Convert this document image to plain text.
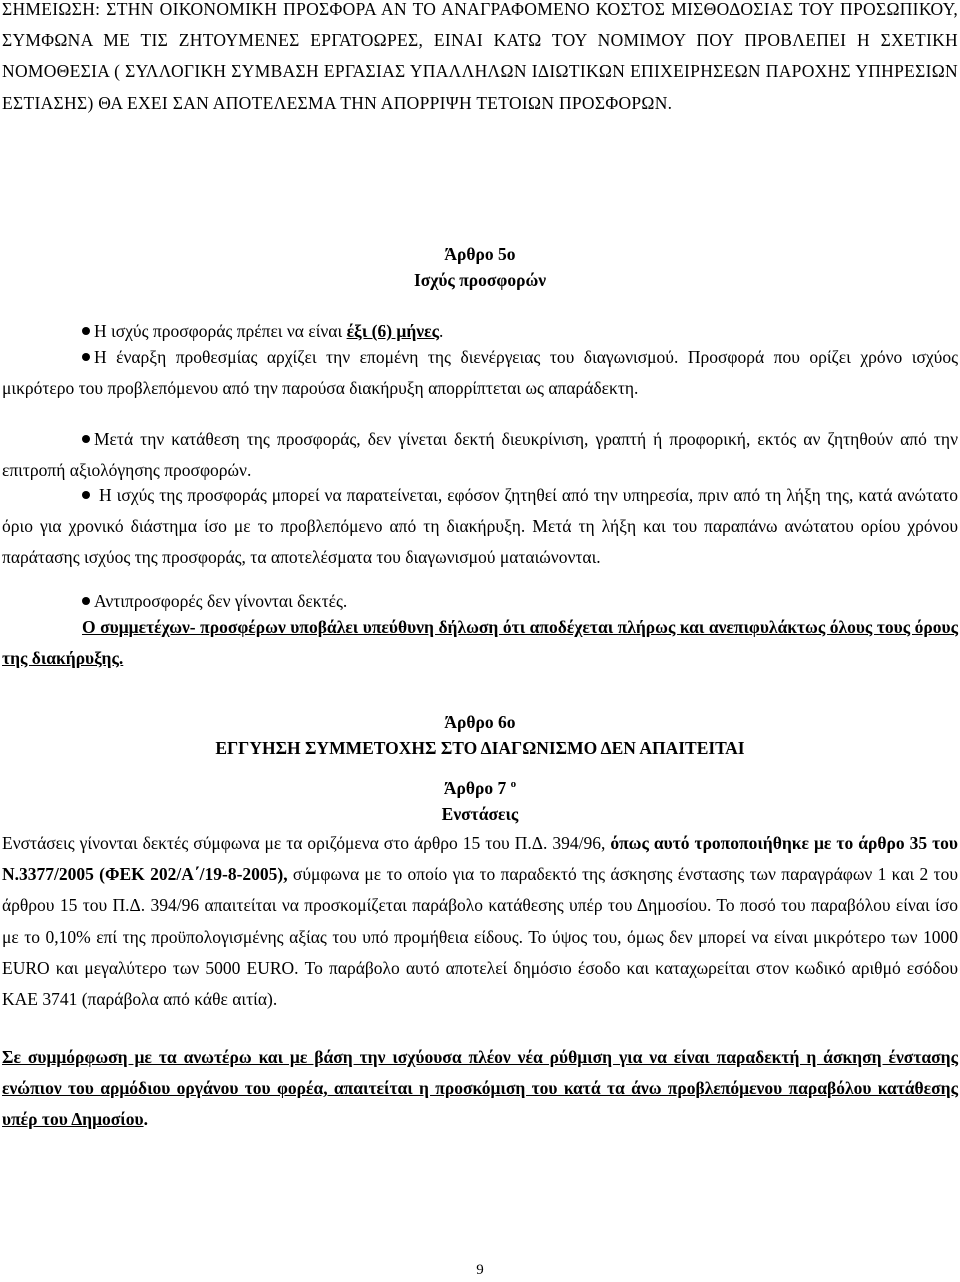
ΣΗΜΕΙΩΣΗ: ΣΤΗΝ ΟΙΚΟΝΟΜΙΚΗ ΠΡΟΣΦΟΡΑ ΑΝ ΤΟ ΑΝΑΓΡΑΦΟΜΕΝΟ ΚΟΣΤΟΣ ΜΙΣΘΟΔΟΣΙΑΣ ΤΟΥ ΠΡΟΣΩΠΙΚΟΥ, ΣΥΜΦΩΝΑ ΜΕ ΤΙΣ ΖΗΤΟΥΜΕΝΕΣ ΕΡΓΑΤΟΩΡΕΣ, ΕΙΝΑΙ ΚΑΤΩ ΤΟΥ ΝΟΜΙΜΟΥ ΠΟΥ ΠΡΟΒΛΕΠΕΙ Η ΣΧΕΤΙΚΗ ΝΟΜΟΘΕΣΙΑ ( ΣΥΛΛΟΓΙΚΗ ΣΥΜΒΑΣΗ ΕΡΓΑΣΙΑΣ ΥΠΑΛΛΗΛΩΝ ΙΔΙΩΤΙΚΩΝ ΕΠΙΧΕΙΡΗΣΕΩΝ ΠΑΡΟΧΗΣ ΥΠΗΡΕΣΙΩΝ ΕΣΤΙΑΣΗΣ) ΘΑ ΕΧΕΙ ΣΑΝ ΑΠΟΤΕΛΕΣΜΑ ΤΗΝ ΑΠΟΡΡΙΨΗ ΤΕΤΟΙΩΝ ΠΡΟΣΦΟΡΩΝ.
Άρθρο 5ο
Ισχύς προσφορών
Η ισχύς προσφοράς πρέπει να είναι έξι (6) μήνες.
Η έναρξη προθεσμίας αρχίζει την επομένη της διενέργειας του διαγωνισμού. Προσφορά που ορίζει χρόνο ισχύος μικρότερο του προβλεπόμενου από την παρούσα διακήρυξη απορρίπτεται ως απαράδεκτη.
Μετά την κατάθεση της προσφοράς, δεν γίνεται δεκτή διευκρίνιση, γραπτή ή προφορική, εκτός αν ζητηθούν από την επιτροπή αξιολόγησης προσφορών.
Η ισχύς της προσφοράς μπορεί να παρατείνεται, εφόσον ζητηθεί από την υπηρεσία, πριν από τη λήξη της, κατά ανώτατο όριο για χρονικό διάστημα ίσο με το προβλεπόμενο από τη διακήρυξη. Μετά τη λήξη και του παραπάνω ανώτατου ορίου χρόνου παράτασης ισχύος της προσφοράς, τα αποτελέσματα του διαγωνισμού ματαιώνονται.
Αντιπροσφορές δεν γίνονται δεκτές.
Ο συμμετέχων- προσφέρων υποβάλει υπεύθυνη δήλωση ότι αποδέχεται πλήρως και ανεπιφυλάκτως όλους τους όρους της διακήρυξης.
Άρθρο 6ο
ΕΓΓΥΗΣΗ ΣΥΜΜΕΤΟΧΗΣ ΣΤΟ ΔΙΑΓΩΝΙΣΜΟ ΔΕΝ ΑΠΑΙΤΕΙΤΑΙ
Άρθρο 7 $^o$
Ενστάσεις
Ενστάσεις γίνονται δεκτές σύμφωνα με τα οριζόμενα στο άρθρο 15 του Π.Δ. 394/96, όπως αυτό τροποποιήθηκε με το άρθρο 35 του Ν.3377/2005 (ΦΕΚ 202/Α΄/19-8-2005), σύμφωνα με το οποίο για το παραδεκτό της άσκησης ένστασης των παραγράφων 1 και 2 του άρθρου 15 του Π.Δ. 394/96 απαιτείται να προσκομίζεται παράβολο κατάθεσης υπέρ του Δημοσίου. Το ποσό του παραβόλου είναι ίσο με το 0,10% επί της προϋπολογισμένης αξίας του υπό προμήθεια είδους. Το ύψος του, όμως δεν μπορεί να είναι μικρότερο των 1000 EURO και μεγαλύτερο των 5000 EURO. Το παράβολο αυτό αποτελεί δημόσιο έσοδο και καταχωρείται στον κωδικό αριθμό εσόδου ΚΑΕ 3741 (παράβολα από κάθε αιτία).
Σε συμμόρφωση με τα ανωτέρω και με βάση την ισχύουσα πλέον νέα ρύθμιση για να είναι παραδεκτή η άσκηση ένστασης ενώπιον του αρμόδιου οργάνου του φορέα, απαιτείται η προσκόμιση του κατά τα άνω προβλεπόμενου παραβόλου κατάθεσης υπέρ του Δημοσίου.
9
